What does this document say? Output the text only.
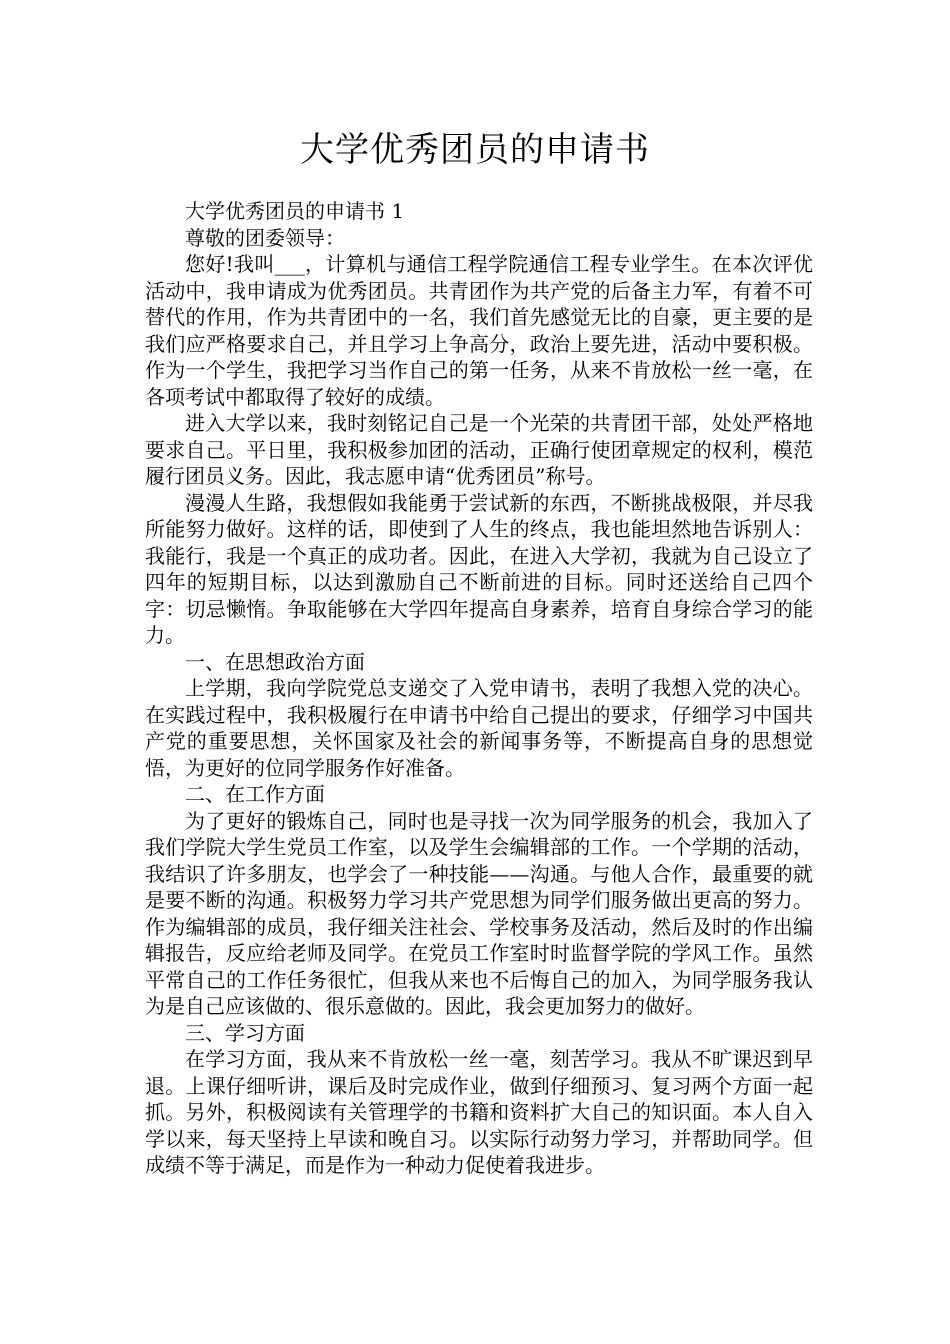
大学优秀团员的申请书

大学优秀团员的申请书 1

尊敬的团委领导：

您好!我叫___，计算机与通信工程学院通信工程专业学生。在本次评优活动中，我申请成为优秀团员。共青团作为共产党的后备主力军，有着不可替代的作用，作为共青团中的一名，我们首先感觉无比的自豪，更主要的是我们应严格要求自己，并且学习上争高分，政治上要先进，活动中要积极。作为一个学生，我把学习当作自己的第一任务，从来不肯放松一丝一毫，在各项考试中都取得了较好的成绩。

进入大学以来，我时刻铭记自己是一个光荣的共青团干部，处处严格地要求自己。平日里，我积极参加团的活动，正确行使团章规定的权利，模范履行团员义务。因此，我志愿申请“优秀团员”称号。

漫漫人生路，我想假如我能勇于尝试新的东西，不断挑战极限，并尽我所能努力做好。这样的话，即使到了人生的终点，我也能坦然地告诉别人：我能行，我是一个真正的成功者。因此，在进入大学初，我就为自己设立了四年的短期目标，以达到激励自己不断前进的目标。同时还送给自己四个字：切忌懒惰。争取能够在大学四年提高自身素养，培育自身综合学习的能力。

一、在思想政治方面

上学期，我向学院党总支递交了入党申请书，表明了我想入党的决心。在实践过程中，我积极履行在申请书中给自己提出的要求，仔细学习中国共产党的重要思想，关怀国家及社会的新闻事务等，不断提高自身的思想觉悟，为更好的位同学服务作好准备。

二、在工作方面

为了更好的锻炼自己，同时也是寻找一次为同学服务的机会，我加入了我们学院大学生党员工作室，以及学生会编辑部的工作。一个学期的活动，我结识了许多朋友，也学会了一种技能——沟通。与他人合作，最重要的就是要不断的沟通。积极努力学习共产党思想为同学们服务做出更高的努力。作为编辑部的成员，我仔细关注社会、学校事务及活动，然后及时的作出编辑报告，反应给老师及同学。在党员工作室时时监督学院的学风工作。虽然平常自己的工作任务很忙，但我从来也不后悔自己的加入，为同学服务我认为是自己应该做的、很乐意做的。因此，我会更加努力的做好。

三、学习方面

在学习方面，我从来不肯放松一丝一毫，刻苦学习。我从不旷课迟到早退。上课仔细听讲，课后及时完成作业，做到仔细预习、复习两个方面一起抓。另外，积极阅读有关管理学的书籍和资料扩大自己的知识面。本人自入学以来，每天坚持上早读和晚自习。以实际行动努力学习，并帮助同学。但成绩不等于满足，而是作为一种动力促使着我进步。
